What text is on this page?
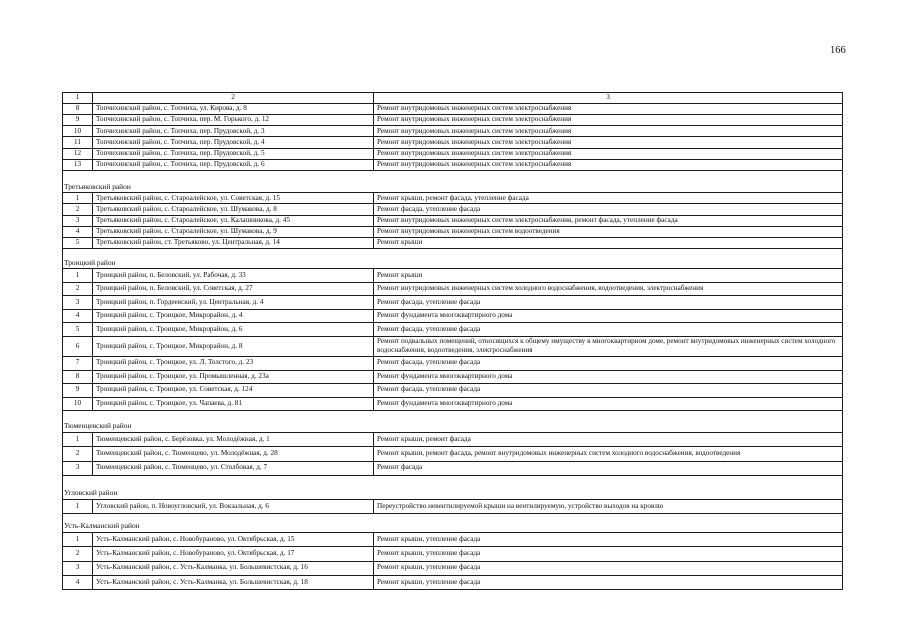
166
1	2	3
8	Топчихинский район, с. Топчиха, ул. Кирова, д. 8	Ремонт внутридомовых инженерных систем электроснабжения
9	Топчихинский район, с. Топчиха, пер. М. Горького, д. 12	Ремонт внутридомовых инженерных систем электроснабжения
10	Топчихинский район, с. Топчиха, пер. Прудовской, д. 3	Ремонт внутридомовых инженерных систем электроснабжения
11	Топчихинский район, с. Топчиха, пер. Прудовской, д. 4	Ремонт внутридомовых инженерных систем электроснабжения
12	Топчихинский район, с. Топчиха, пер. Прудовской, д. 5	Ремонт внутридомовых инженерных систем электроснабжения
13	Топчихинский район, с. Топчиха, пер. Прудовской, д. 6	Ремонт внутридомовых инженерных систем электроснабжения
Третьяковский район		
1	Третьяковский район, с. Староалейское, ул. Советская, д. 15	Ремонт крыши, ремонт фасада, утепление фасада
2	Третьяковский район, с. Староалейское, ул. Шумакова, д. 8	Ремонт фасада, утепление фасада
3	Третьяковский район, с. Староалейское, ул. Калашникова, д. 45	Ремонт внутридомовых инженерных систем электроснабжения, ремонт фасада, утепление фасада
4	Третьяковский район, с. Староалейское, ул. Шумакова, д. 9	Ремонт внутридомовых инженерных систем водоотведения
5	Третьяковский район, ст. Третьяково, ул. Центральная, д. 14	Ремонт крыши
Троицкий район		
1	Троицкий район, п. Беловский, ул. Рабочая, д. 33	Ремонт крыши
2	Троицкий район, п. Беловский, ул. Советская, д. 27	Ремонт внутридомовых инженерных систем холодного водоснабжения, водоотведения, электроснабжения
3	Троицкий район, п. Гордеевский, ул. Центральная, д. 4	Ремонт фасада, утепление фасада
4	Троицкий район, с. Троицкое, Микрорайон, д. 4	Ремонт фундамента многоквартирного дома
5	Троицкий район, с. Троицкое, Микрорайон, д. 6	Ремонт фасада, утепление фасада
6	Троицкий район, с. Троицкое, Микрорайон, д. 8	Ремонт подвальных помещений, относящихся к общему имуществу в многоквартирном доме, ремонт внутридомовых инженерных систем холодного водоснабжения, водоотведения, электроснабжения
7	Троицкий район, с. Троицкое, ул. Л. Толстого, д. 23	Ремонт фасада, утепление фасада
8	Троицкий район, с. Троицкое, ул. Промышленная, д. 23а	Ремонт фундамента многоквартирного дома
9	Троицкий район, с. Троицкое, ул. Советская, д. 124	Ремонт фасада, утепление фасада
10	Троицкий район, с. Троицкое, ул. Чапаева, д. 81	Ремонт фундамента многоквартирного дома
Тюменцевский район		
1	Тюменцевский район, с. Берёзовка, ул. Молодёжная, д. 1	Ремонт крыши, ремонт фасада
2	Тюменцевский район, с. Тюменцево, ул. Молодёжная, д. 28	Ремонт крыши, ремонт фасада, ремонт внутридомовых инженерных систем холодного водоснабжения, водоотведения
3	Тюменцевский район, с. Тюменцево, ул. Столбовая, д. 7	Ремонт фасада
Угловский район		
1	Угловский район, п. Новоугловский, ул. Вокзальная, д. 6	Переустройство невентилируемой крыши на вентилируемую, устройство выходов на кровлю
Усть-Калманский район		
1	Усть-Калманский район, с. Новобураново, ул. Октябрьская, д. 15	Ремонт крыши, утепление фасада
2	Усть-Калманский район, с. Новобураново, ул. Октябрьская, д. 17	Ремонт крыши, утепление фасада
3	Усть-Калманский район, с. Усть-Калманка, ул. Большевистская, д. 16	Ремонт крыши, утепление фасада
4	Усть-Калманский район, с. Усть-Калманка, ул. Большевистская, д. 18	Ремонт крыши, утепление фасада
